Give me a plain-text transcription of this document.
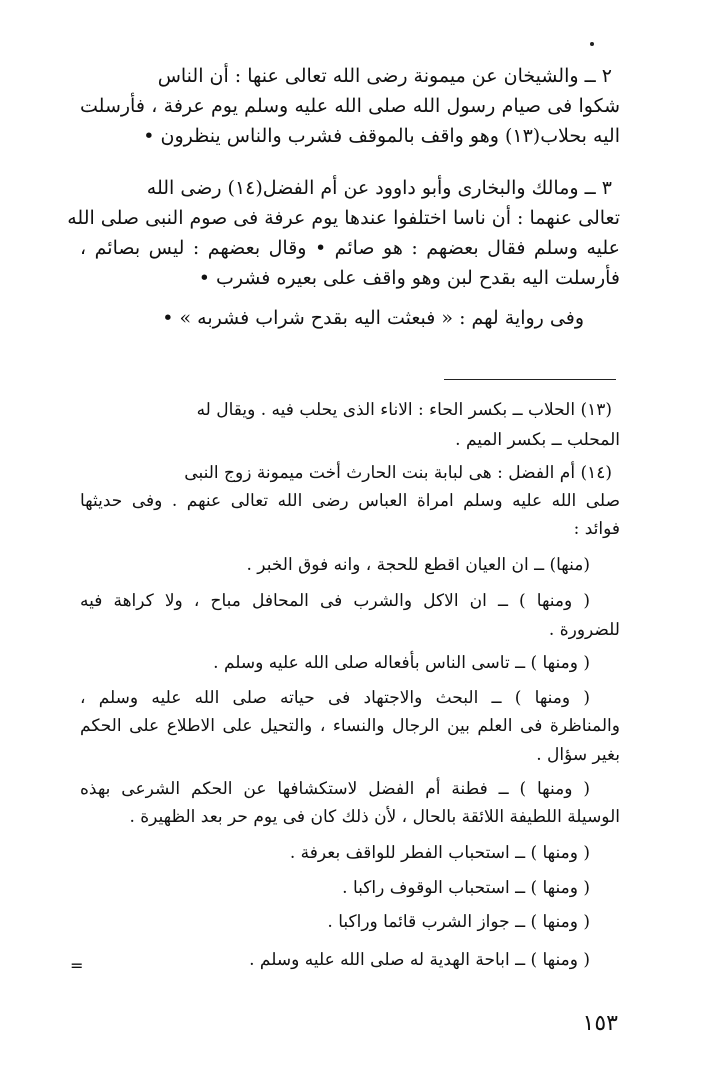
٢ ــ والشيخان عن ميمونة رضى الله تعالى عنها : أن الناس
شكوا فى صيام رسول الله صلى الله عليه وسلم يوم عرفة ، فأرسلت
اليه بحلاب(١٣) وهو واقف بالموقف فشرب والناس ينظرون •
٣ ــ ومالك والبخارى وأبو داوود عن أم الفضل(١٤) رضى الله
تعالى عنهما : أن ناسا اختلفوا عندها يوم عرفة فى صوم النبى صلى الله
عليه وسلم فقال بعضهم : هو صائم • وقال بعضهم : ليس بصائم ،
فأرسلت اليه بقدح لبن وهو واقف على بعيره فشرب •
وفى رواية لهم : « فبعثت اليه بقدح شراب فشربه » •
(١٣) الحلاب ــ بكسر الحاء : الاناء الذى يحلب فيه . ويقال له
المحلب ــ بكسر الميم .
(١٤) أم الفضل : هى لبابة بنت الحارث أخت ميمونة زوج النبى
صلى الله عليه وسلم امراة العباس رضى الله تعالى عنهم . وفى حديثها
فوائد :
(منها) ــ ان العيان اقطع للحجة ، وانه فوق الخبر .
( ومنها ) ــ ان الاكل والشرب فى المحافل مباح ، ولا كراهة فيه
للضرورة .
( ومنها ) ــ تاسى الناس بأفعاله صلى الله عليه وسلم .
( ومنها ) ــ البحث والاجتهاد فى حياته صلى الله عليه وسلم ،
والمناظرة فى العلم بين الرجال والنساء ، والتحيل على الاطلاع على الحكم
بغير سؤال .
( ومنها ) ــ فطنة أم الفضل لاستكشافها عن الحكم الشرعى بهذه
الوسيلة اللطيفة اللائقة بالحال ، لأن ذلك كان فى يوم حر بعد الظهيرة .
( ومنها ) ــ استحباب الفطر للواقف بعرفة .
( ومنها ) ــ استحباب الوقوف راكبا .
( ومنها ) ــ جواز الشرب قائما وراكبا .
( ومنها ) ــ اباحة الهدية له صلى الله عليه وسلم .
=
١٥٣
